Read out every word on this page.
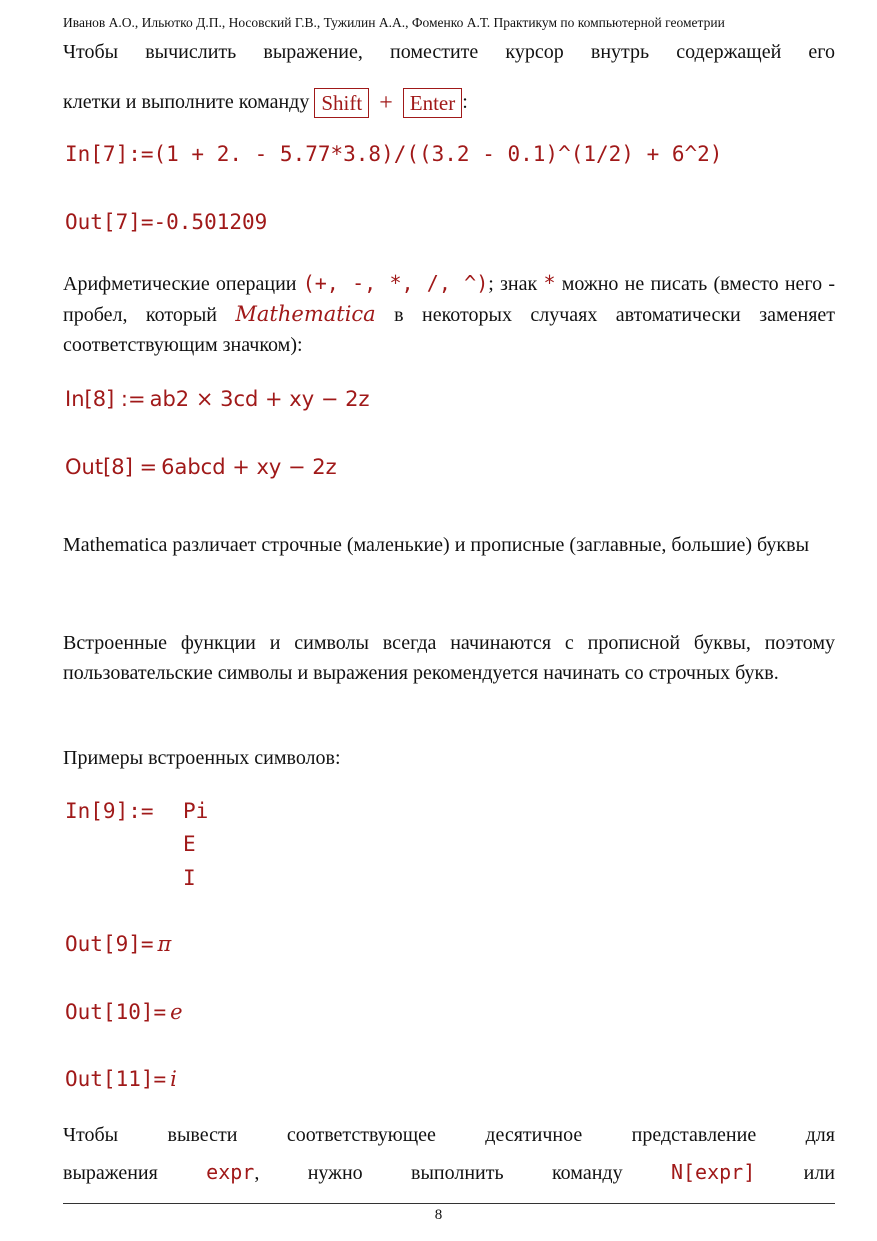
Иванов А.О., Ильютко Д.П., Носовский Г.В., Тужилин А.А., Фоменко А.Т. Практикум по компьютерной геометрии
Чтобы вычислить выражение, поместите курсор внутрь содержащей его
клетки и выполните команду Shift + Enter :
In[7]:=(1 + 2. - 5.77*3.8)/((3.2 - 0.1)^(1/2) + 6^2)
Out[7]=-0.501209
Арифметические операции (+, -, *, /, ^); знак * можно не писать (вместо него - пробел, который Mathematica в некоторых случаях автоматически заменяет соответствующим значком):
In[8] := ab2 × 3cd + xy − 2z
Out[8] = 6abcd + xy − 2z
Mathematica различает строчные (маленькие) и прописные (заглавные, большие) буквы
Встроенные функции и символы всегда начинаются с прописной буквы, поэтому пользовательские символы и выражения рекомендуется начинать со строчных букв.
Примеры встроенных символов:
In[9]:= Pi
E
I
Out[9]= π
Out[10]= e
Out[11]= i
Чтобы вывести соответствующее десятичное представление для
выражения expr, нужно выполнить команду N[expr] или
8
